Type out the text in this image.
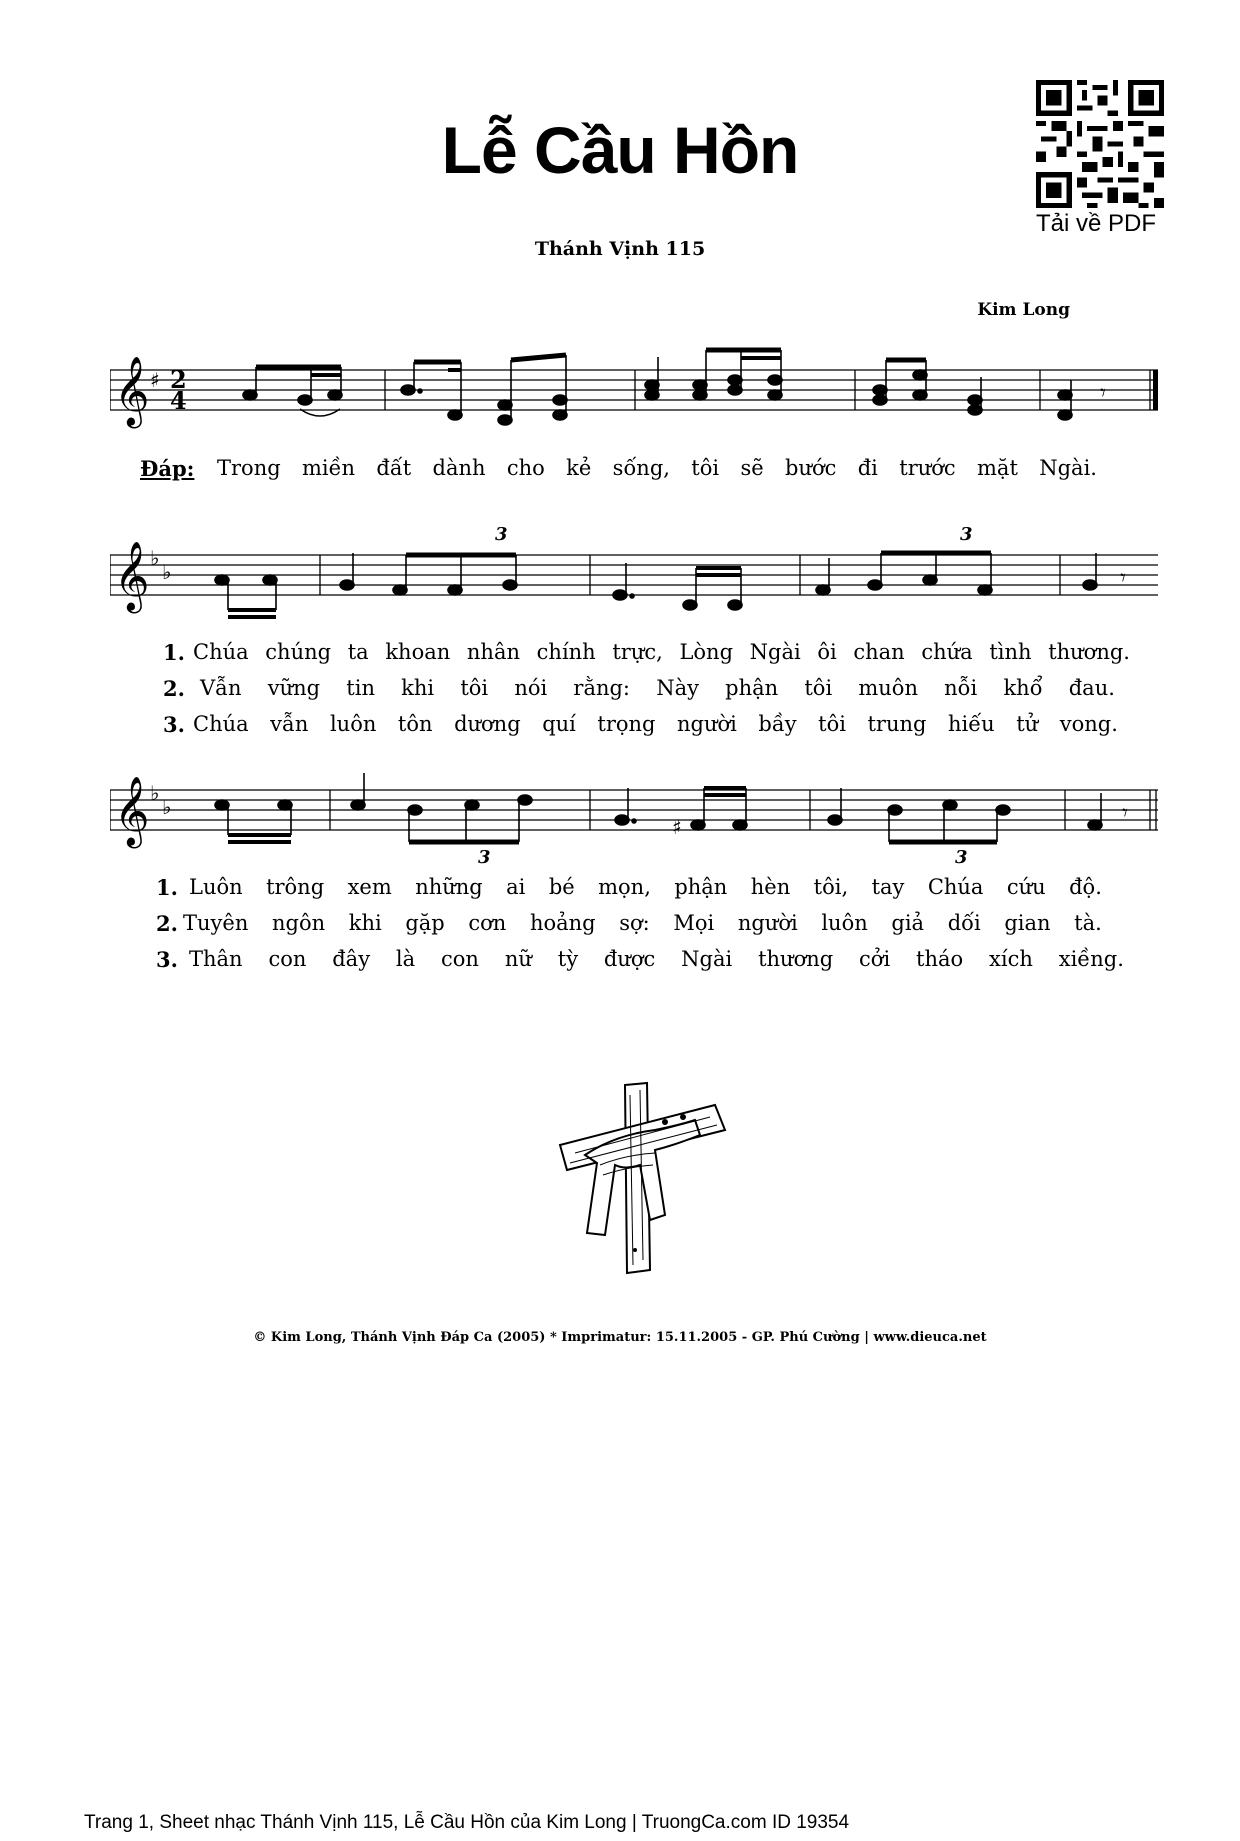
Lễ Cầu Hồn
Thánh Vịnh 115
Kim Long
Tải về PDF
𝄞 ♯ 2
4	𝄾
Đáp: Trong miền đất dành cho kẻ sống, tôi sẽ bước đi trước mặt Ngài.
𝄞 ♭
♭
3	3
𝄾
1. Chúa chúng ta khoan nhân chính trực, Lòng Ngài ôi chan chứa tình thương.
2. Vẫn vững tin khi tôi nói rằng: Này phận tôi muôn nỗi khổ đau.
3. Chúa vẫn luôn tôn dương quí trọng người bầy tôi trung hiếu tử vong.
𝄞 ♭
♭
♯
3	3
𝄾
1. Luôn trông xem những ai bé mọn, phận hèn tôi, tay Chúa cứu độ.
2. Tuyên ngôn khi gặp cơn hoảng sợ: Mọi người luôn giả dối gian tà.
3. Thân con đây là con nữ tỳ được Ngài thương cởi tháo xích xiềng.
© Kim Long, Thánh Vịnh Đáp Ca (2005) * Imprimatur: 15.11.2005 - GP. Phú Cường | www.dieuca.net
Trang 1, Sheet nhạc Thánh Vịnh 115, Lễ Cầu Hồn của Kim Long | TruongCa.com ID 19354
